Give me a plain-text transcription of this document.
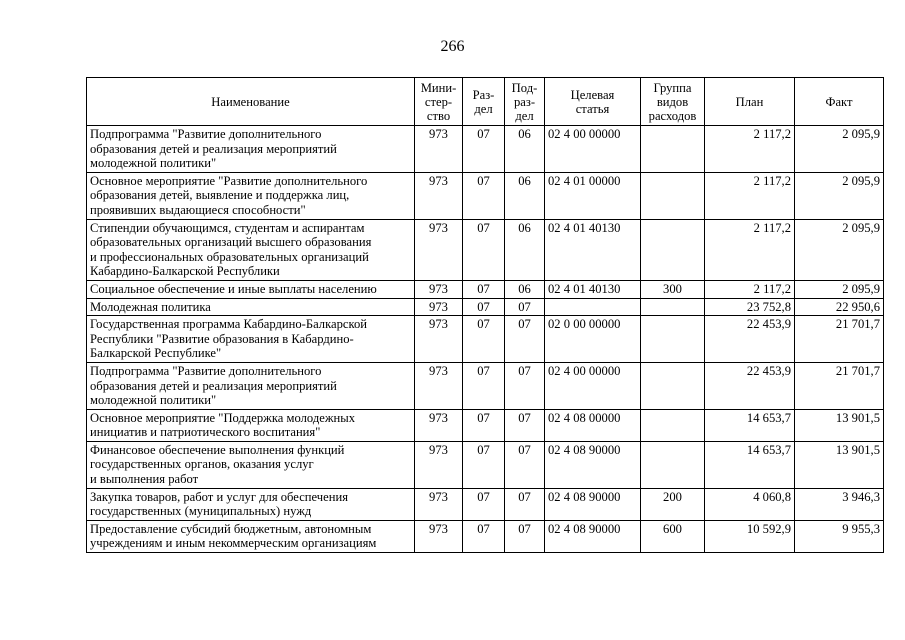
266
Наименование	Мини-
стер-
ство	Раз-
дел	Под-
раз-
дел	Целевая
статья	Группа
видов
расходов	План	Факт
Подпрограмма "Развитие дополнительного
образования детей и реализация мероприятий
молодежной политики"	973	07	06	02 4 00 00000		2 117,2	2 095,9
Основное мероприятие "Развитие дополнительного
образования детей, выявление и поддержка лиц,
проявивших выдающиеся способности"	973	07	06	02 4 01 00000		2 117,2	2 095,9
Стипендии обучающимся, студентам и аспирантам
образовательных организаций высшего образования
и профессиональных образовательных организаций
Кабардино-Балкарской Республики	973	07	06	02 4 01 40130		2 117,2	2 095,9
Социальное обеспечение и иные выплаты населению	973	07	06	02 4 01 40130	300	2 117,2	2 095,9
Молодежная политика	973	07	07			23 752,8	22 950,6
Государственная программа Кабардино-Балкарской
Республики "Развитие образования в Кабардино-
Балкарской Республике"	973	07	07	02 0 00 00000		22 453,9	21 701,7
Подпрограмма "Развитие дополнительного
образования детей и реализация мероприятий
молодежной политики"	973	07	07	02 4 00 00000		22 453,9	21 701,7
Основное мероприятие "Поддержка молодежных
инициатив и патриотического воспитания"	973	07	07	02 4 08 00000		14 653,7	13 901,5
Финансовое обеспечение выполнения функций
государственных органов, оказания услуг
и выполнения работ	973	07	07	02 4 08 90000		14 653,7	13 901,5
Закупка товаров, работ и услуг для обеспечения
государственных (муниципальных) нужд	973	07	07	02 4 08 90000	200	4 060,8	3 946,3
Предоставление субсидий бюджетным, автономным
учреждениям и иным некоммерческим организациям	973	07	07	02 4 08 90000	600	10 592,9	9 955,3
